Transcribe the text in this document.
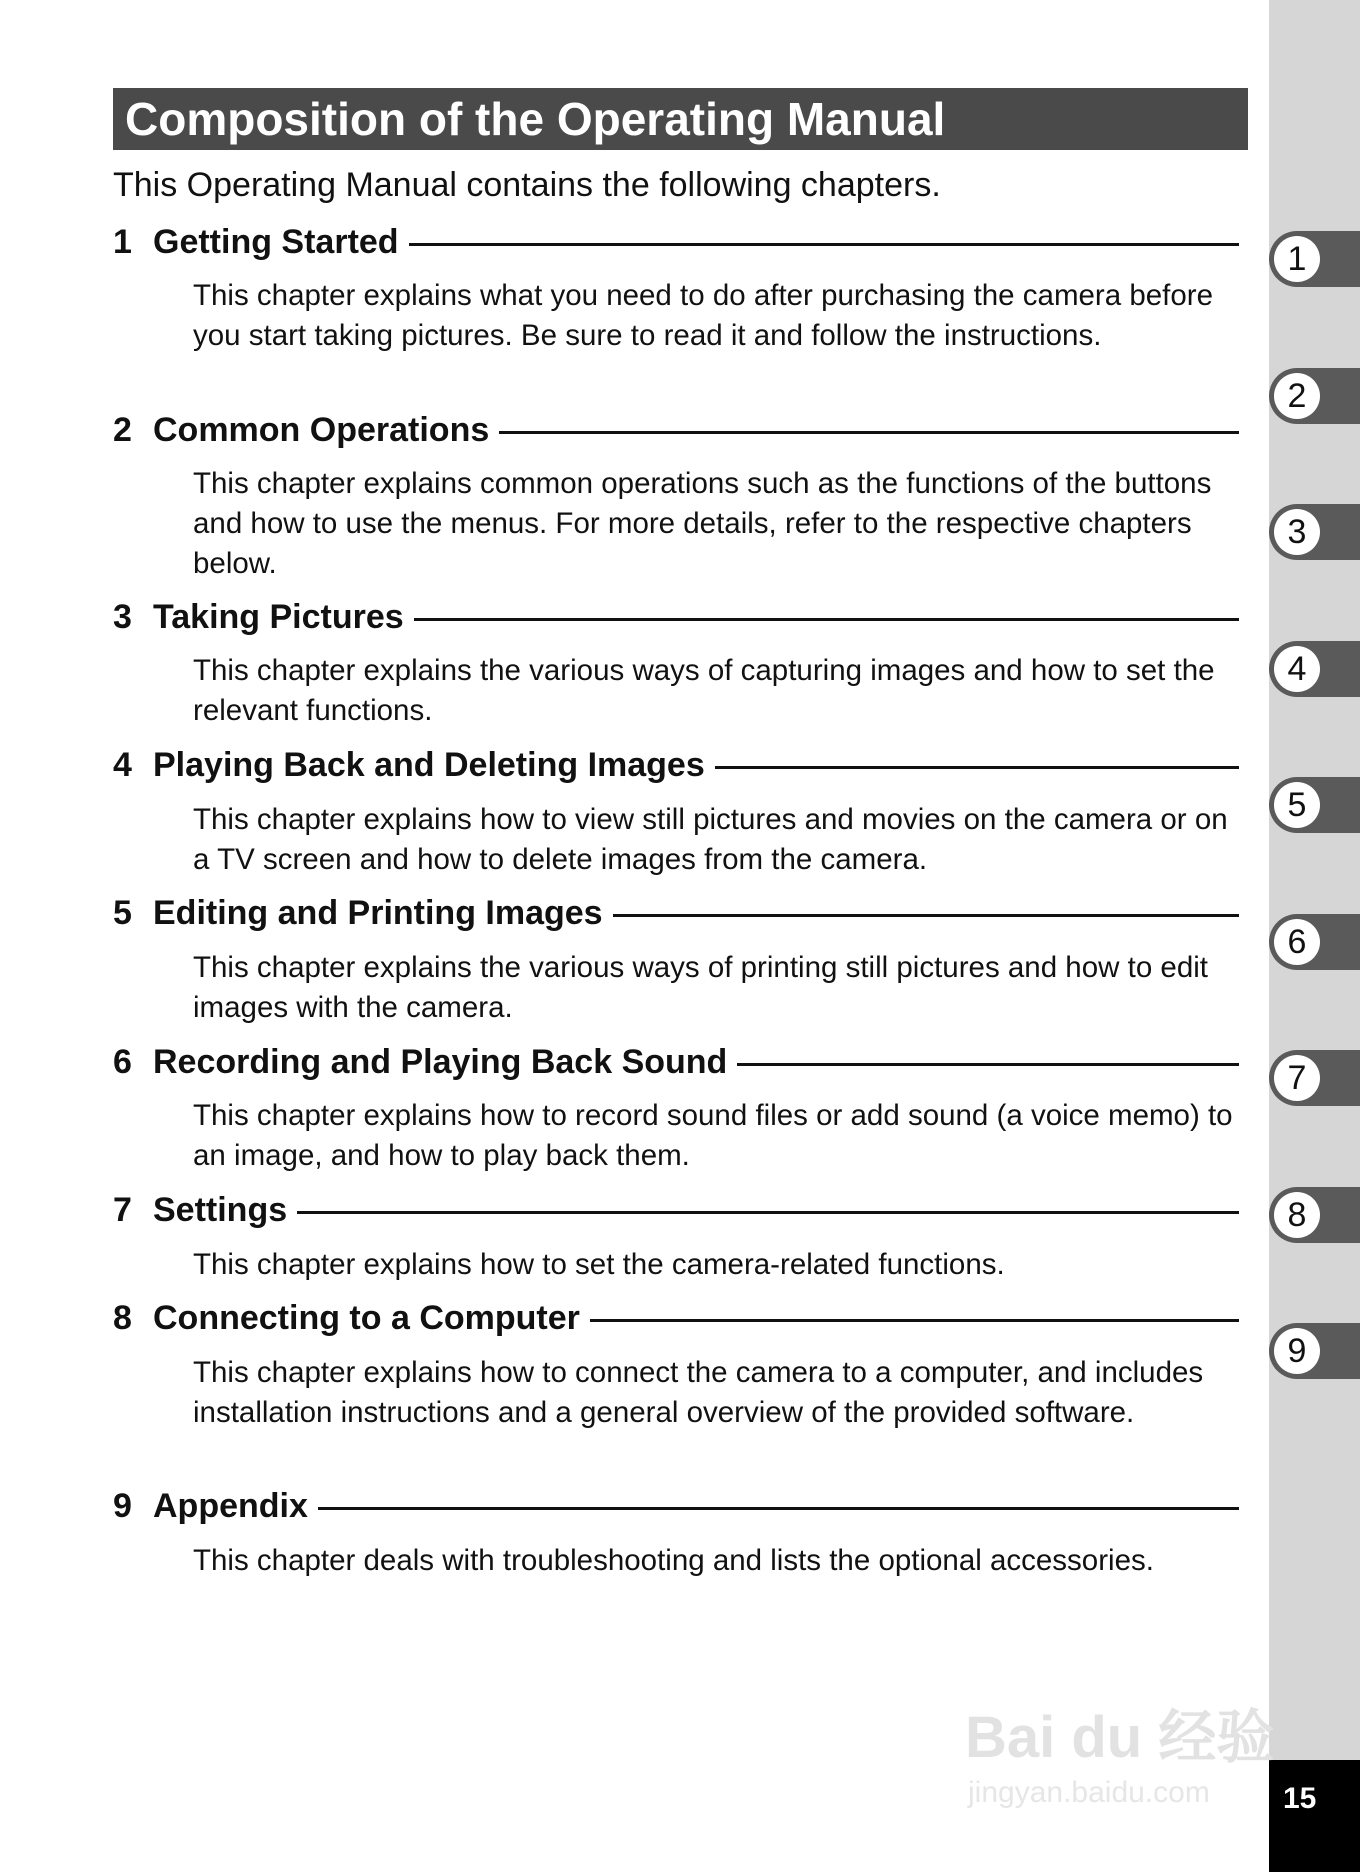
1
2
3
4
5
6
7
8
9
15
Composition of the Operating Manual
This Operating Manual contains the following chapters.
1 Getting Started
This chapter explains what you need to do after purchasing the camera before you start taking pictures. Be sure to read it and follow the instructions.
2 Common Operations
This chapter explains common operations such as the functions of the buttons and how to use the menus. For more details, refer to the respective chapters below.
3 Taking Pictures
This chapter explains the various ways of capturing images and how to set the relevant functions.
4 Playing Back and Deleting Images
This chapter explains how to view still pictures and movies on the camera or on a TV screen and how to delete images from the camera.
5 Editing and Printing Images
This chapter explains the various ways of printing still pictures and how to edit images with the camera.
6 Recording and Playing Back Sound
This chapter explains how to record sound files or add sound (a voice memo) to an image, and how to play back them.
7 Settings
This chapter explains how to set the camera-related functions.
8 Connecting to a Computer
This chapter explains how to connect the camera to a computer, and includes installation instructions and a general overview of the provided software.
9 Appendix
This chapter deals with troubleshooting and lists the optional accessories.
Bai du 经验
jingyan.baidu.com
